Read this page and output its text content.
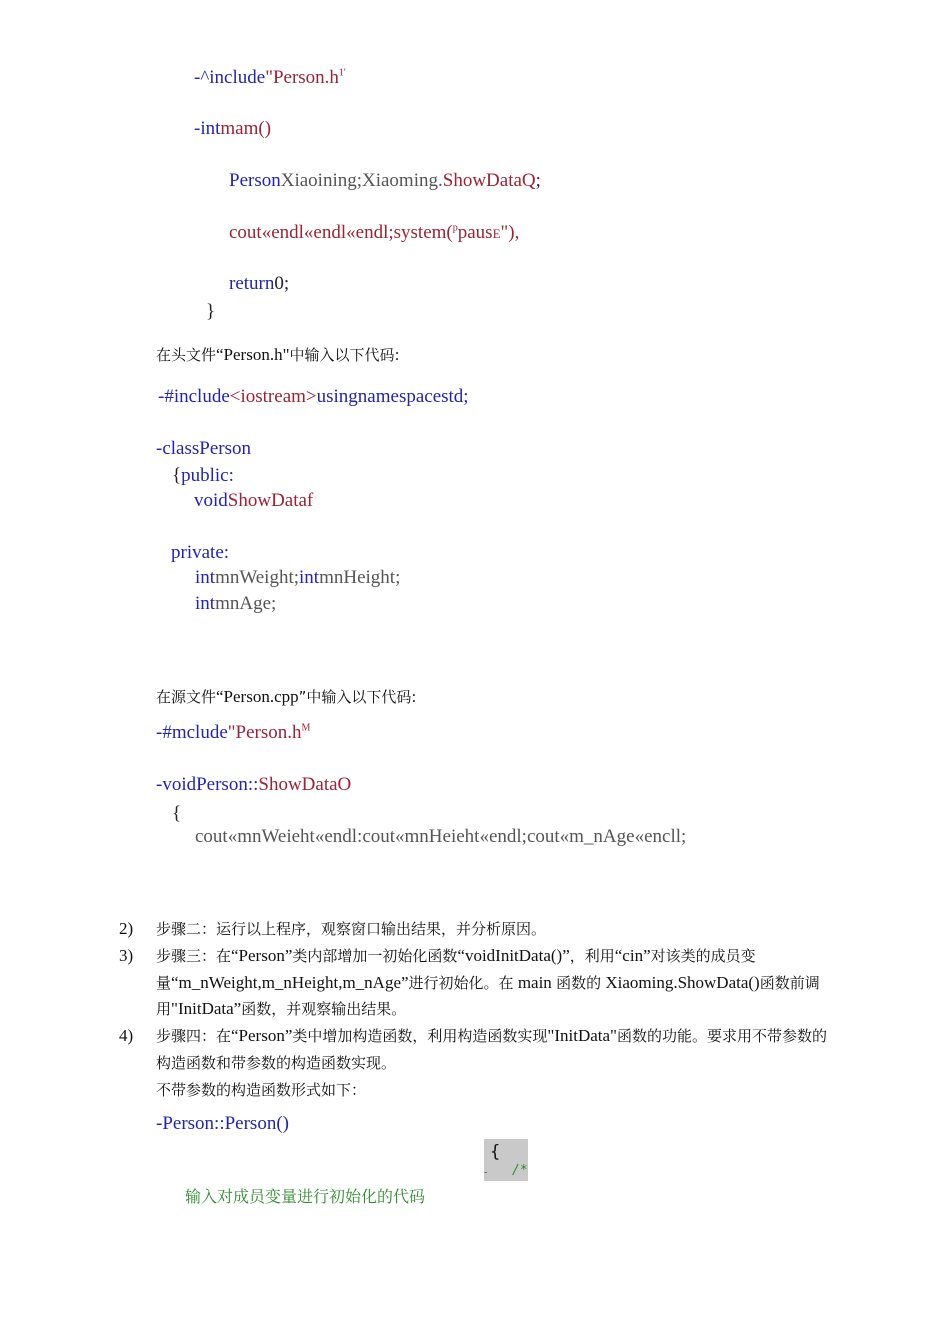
$-\^{}include"Person.h^{1'}$
-intmam()
PersonXiaoining;Xiaoming.ShowDataQ;
cout«endl«endl«endl;system($^p$pausE"),
return0;
}
在头文件“Person.h"中输入以下代码:
-#include<iostream>usingnamespacestd;
-classPerson
{public:
voidShowDataf
private:
intmnWeight;intmnHeight;
intmnAge;
在源文件“Person.cpp”中输入以下代码:
$-\#mclude"Person.h^M$
-voidPerson::ShowDataO
{
cout«mnWeieht«endl:cout«mnHeieht«endl;cout«m_nAge«encll;
2) 步骤二：运行以上程序，观察窗口输出结果，并分析原因。
3) 步骤三：在“Person”类内部增加一初始化函数“voidInitData()”，利用“cin”对该类的成员变
量“m_nWeight,m_nHeight,m_nAge”进行初始化。在 main 函数的 Xiaoming.ShowData()函数前调
用"InitData”函数，并观察输出结果。
4) 步骤四：在“Person”类中增加构造函数，利用构造函数实现"InitData"函数的功能。要求用不带参数的
构造函数和带参数的构造函数实现。
不带参数的构造函数形式如下：
-Person::Person()
{
/*
-
输入对成员变量进行初始化的代码
